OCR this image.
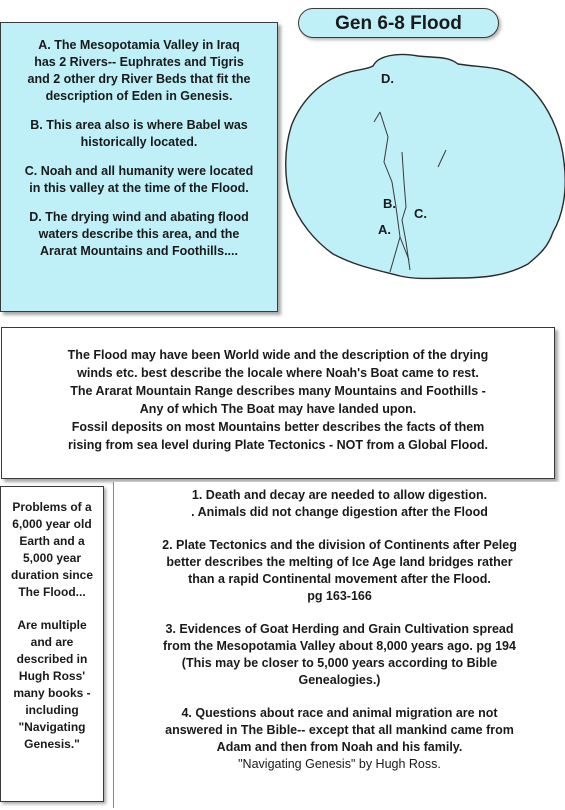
A. The Mesopotamia Valley in Iraq
has 2 Rivers-- Euphrates and Tigris
and 2 other dry River Beds that fit the
description of Eden in Genesis.

B. This area also is where Babel was
historically located.

C. Noah and all humanity were located
in this valley at the time of the Flood.

D. The drying wind and abating flood
waters describe this area, and the
Ararat Mountains and Foothills....

Gen 6-8 Flood
D.
B.
C.
A.
The Flood may have been World wide and the description of the drying
winds etc. best describe the locale where Noah's Boat came to rest.
The Ararat Mountain Range describes many Mountains and Foothills -
Any of which The Boat may have landed upon.
Fossil deposits on most Mountains better describes the facts of them
rising from sea level during Plate Tectonics - NOT from a Global Flood.

Problems of a
6,000 year old
Earth and a
5,000 year
duration since
The Flood...

Are multiple
and are
described in
Hugh Ross'
many books -
including
"Navigating
Genesis."

1. Death and decay are needed to allow digestion.
. Animals did not change digestion after the Flood

2. Plate Tectonics and the division of Continents after Peleg
better describes the melting of Ice Age land bridges rather
than a rapid Continental movement after the Flood.
pg 163-166

3. Evidences of Goat Herding and Grain Cultivation spread
from the Mesopotamia Valley about 8,000 years ago. pg 194
(This may be closer to 5,000 years according to Bible
Genealogies.)

4. Questions about race and animal migration are not
answered in The Bible-- except that all mankind came from
Adam and then from Noah and his family.
"Navigating Genesis" by Hugh Ross.
